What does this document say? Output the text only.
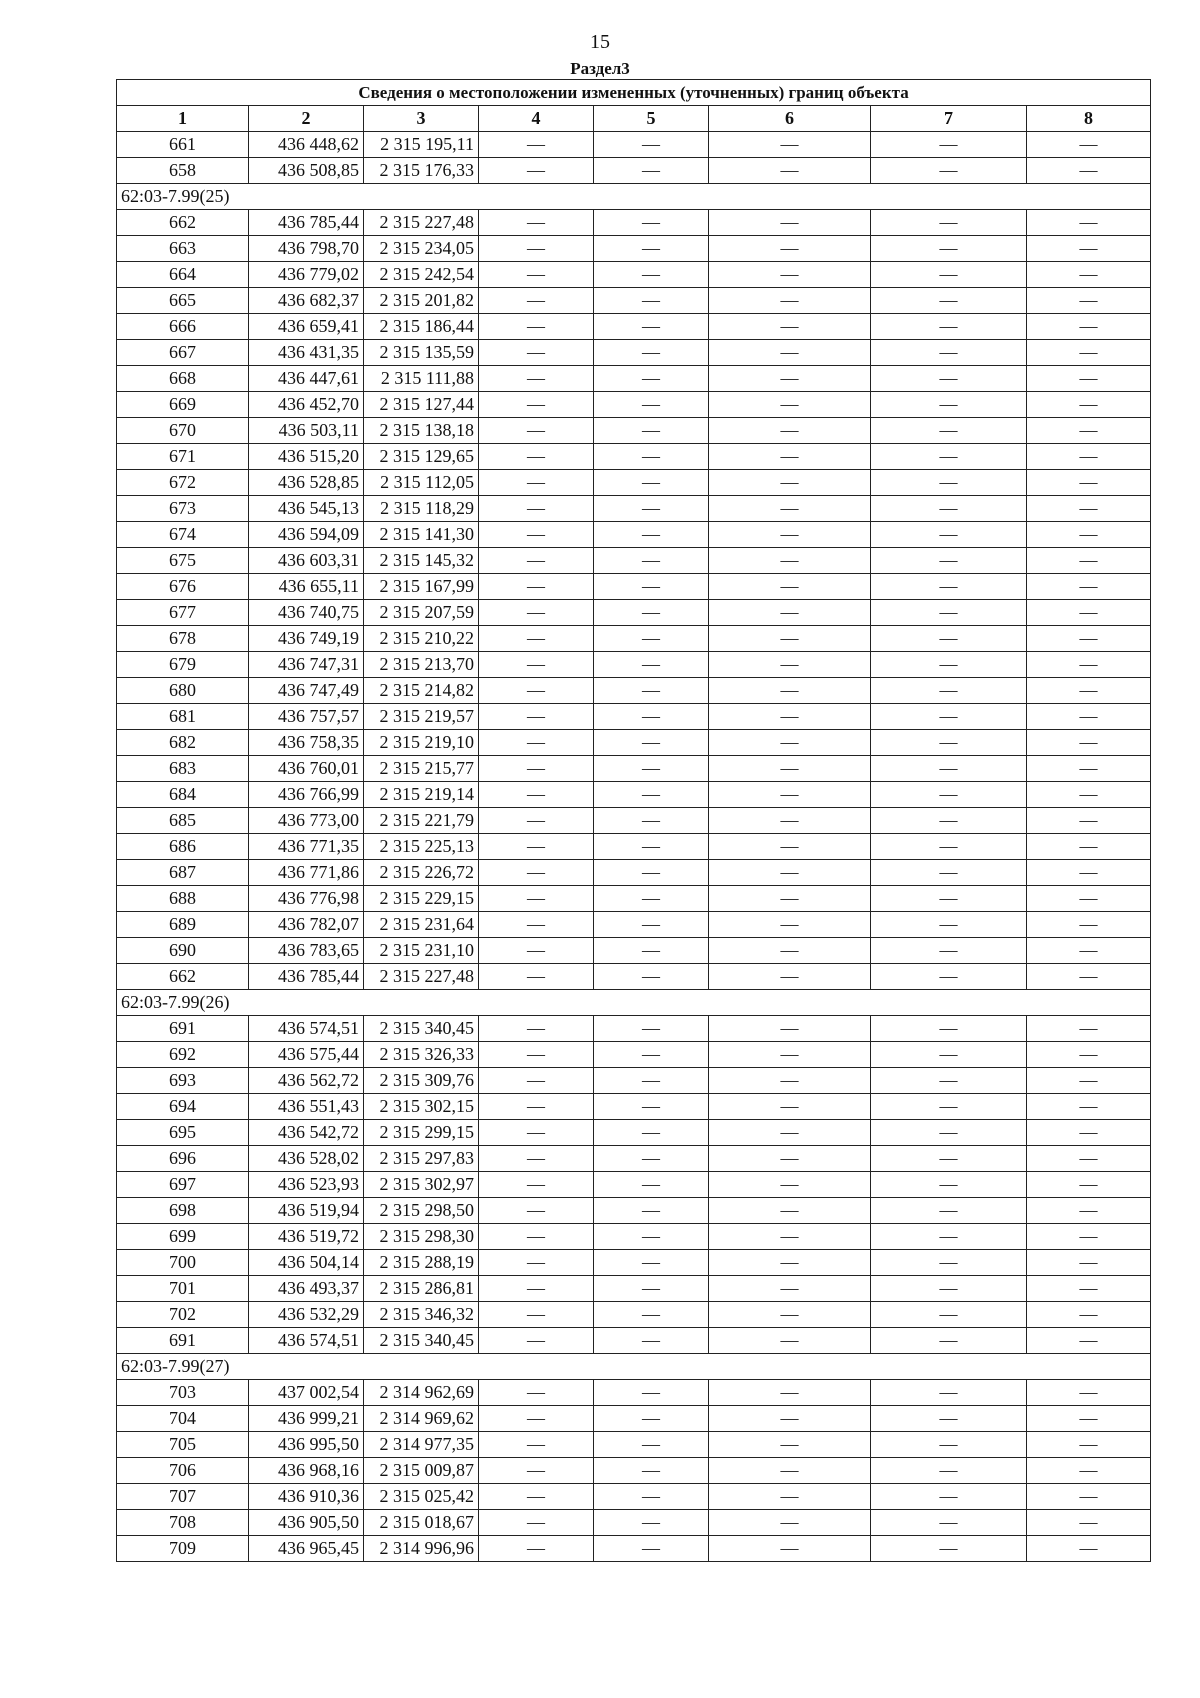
15
Раздел3
Сведения о местоположении измененных (уточненных) границ объекта							
1	2	3	4	5	6	7	8
661	436 448,62	2 315 195,11	—	—	—	—	—
658	436 508,85	2 315 176,33	—	—	—	—	—
62:03-7.99(25)							
662	436 785,44	2 315 227,48	—	—	—	—	—
663	436 798,70	2 315 234,05	—	—	—	—	—
664	436 779,02	2 315 242,54	—	—	—	—	—
665	436 682,37	2 315 201,82	—	—	—	—	—
666	436 659,41	2 315 186,44	—	—	—	—	—
667	436 431,35	2 315 135,59	—	—	—	—	—
668	436 447,61	2 315 111,88	—	—	—	—	—
669	436 452,70	2 315 127,44	—	—	—	—	—
670	436 503,11	2 315 138,18	—	—	—	—	—
671	436 515,20	2 315 129,65	—	—	—	—	—
672	436 528,85	2 315 112,05	—	—	—	—	—
673	436 545,13	2 315 118,29	—	—	—	—	—
674	436 594,09	2 315 141,30	—	—	—	—	—
675	436 603,31	2 315 145,32	—	—	—	—	—
676	436 655,11	2 315 167,99	—	—	—	—	—
677	436 740,75	2 315 207,59	—	—	—	—	—
678	436 749,19	2 315 210,22	—	—	—	—	—
679	436 747,31	2 315 213,70	—	—	—	—	—
680	436 747,49	2 315 214,82	—	—	—	—	—
681	436 757,57	2 315 219,57	—	—	—	—	—
682	436 758,35	2 315 219,10	—	—	—	—	—
683	436 760,01	2 315 215,77	—	—	—	—	—
684	436 766,99	2 315 219,14	—	—	—	—	—
685	436 773,00	2 315 221,79	—	—	—	—	—
686	436 771,35	2 315 225,13	—	—	—	—	—
687	436 771,86	2 315 226,72	—	—	—	—	—
688	436 776,98	2 315 229,15	—	—	—	—	—
689	436 782,07	2 315 231,64	—	—	—	—	—
690	436 783,65	2 315 231,10	—	—	—	—	—
662	436 785,44	2 315 227,48	—	—	—	—	—
62:03-7.99(26)							
691	436 574,51	2 315 340,45	—	—	—	—	—
692	436 575,44	2 315 326,33	—	—	—	—	—
693	436 562,72	2 315 309,76	—	—	—	—	—
694	436 551,43	2 315 302,15	—	—	—	—	—
695	436 542,72	2 315 299,15	—	—	—	—	—
696	436 528,02	2 315 297,83	—	—	—	—	—
697	436 523,93	2 315 302,97	—	—	—	—	—
698	436 519,94	2 315 298,50	—	—	—	—	—
699	436 519,72	2 315 298,30	—	—	—	—	—
700	436 504,14	2 315 288,19	—	—	—	—	—
701	436 493,37	2 315 286,81	—	—	—	—	—
702	436 532,29	2 315 346,32	—	—	—	—	—
691	436 574,51	2 315 340,45	—	—	—	—	—
62:03-7.99(27)							
703	437 002,54	2 314 962,69	—	—	—	—	—
704	436 999,21	2 314 969,62	—	—	—	—	—
705	436 995,50	2 314 977,35	—	—	—	—	—
706	436 968,16	2 315 009,87	—	—	—	—	—
707	436 910,36	2 315 025,42	—	—	—	—	—
708	436 905,50	2 315 018,67	—	—	—	—	—
709	436 965,45	2 314 996,96	—	—	—	—	—
